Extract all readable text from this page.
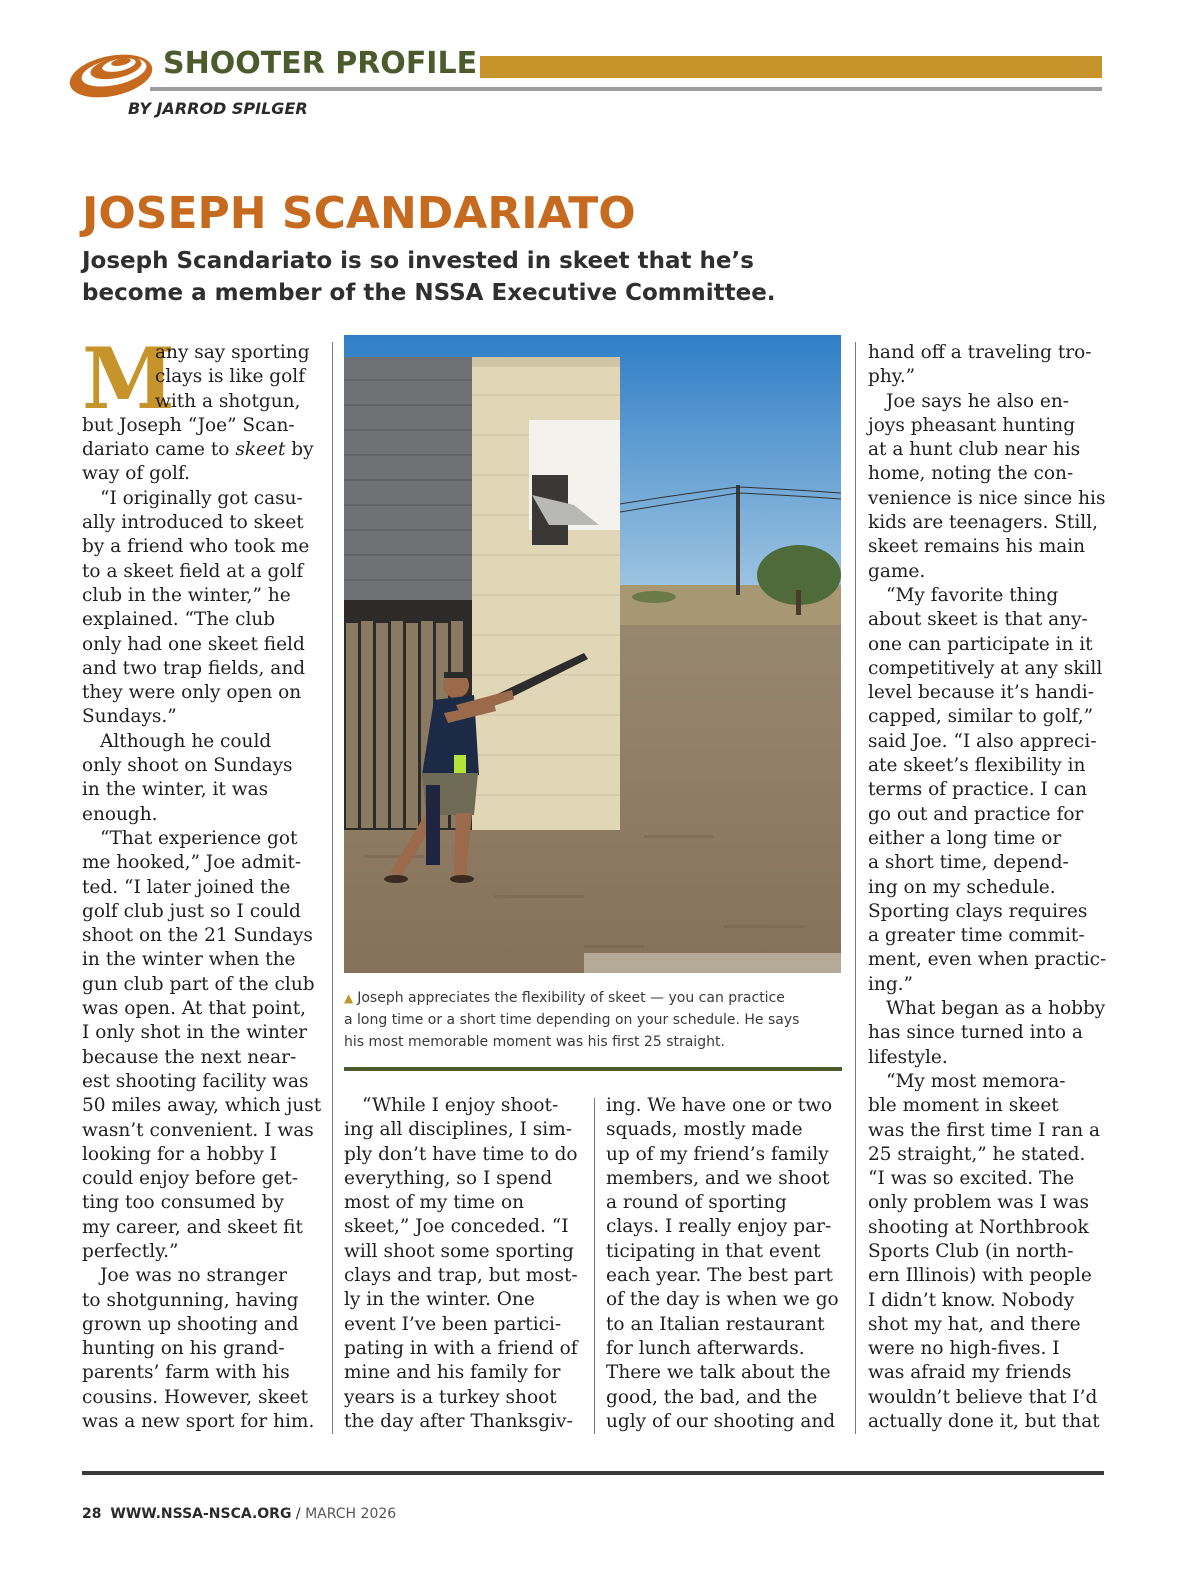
SHOOTER PROFILE
BY JARROD SPILGER
JOSEPH SCANDARIATO
Joseph Scandariato is so invested in skeet that he’s become a member of the NSSA Executive Committee.
M
any say sporting
clays is like golf
with a shotgun,
but Joseph “Joe” Scan-
dariato came to skeet by
way of golf.
“I originally got casu-
ally introduced to skeet
by a friend who took me
to a skeet field at a golf
club in the winter,” he
explained. “The club
only had one skeet field
and two trap fields, and
they were only open on
Sundays.”
Although he could
only shoot on Sundays
in the winter, it was
enough.
“That experience got
me hooked,” Joe admit-
ted. “I later joined the
golf club just so I could
shoot on the 21 Sundays
in the winter when the
gun club part of the club
was open. At that point,
I only shot in the winter
because the next near-
est shooting facility was
50 miles away, which just
wasn’t convenient. I was
looking for a hobby I
could enjoy before get-
ting too consumed by
my career, and skeet fit
perfectly.”
Joe was no stranger
to shotgunning, having
grown up shooting and
hunting on his grand-
parents’ farm with his
cousins. However, skeet
was a new sport for him.
▲ Joseph appreciates the flexibility of skeet — you can practice
a long time or a short time depending on your schedule. He says
his most memorable moment was his first 25 straight.
“While I enjoy shoot-
ing all disciplines, I sim-
ply don’t have time to do
everything, so I spend
most of my time on
skeet,” Joe conceded. “I
will shoot some sporting
clays and trap, but most-
ly in the winter. One
event I’ve been partici-
pating in with a friend of
mine and his family for
years is a turkey shoot
the day after Thanksgiv-
ing. We have one or two
squads, mostly made
up of my friend’s family
members, and we shoot
a round of sporting
clays. I really enjoy par-
ticipating in that event
each year. The best part
of the day is when we go
to an Italian restaurant
for lunch afterwards.
There we talk about the
good, the bad, and the
ugly of our shooting and
hand off a traveling tro-
phy.”
Joe says he also en-
joys pheasant hunting
at a hunt club near his
home, noting the con-
venience is nice since his
kids are teenagers. Still,
skeet remains his main
game.
“My favorite thing
about skeet is that any-
one can participate in it
competitively at any skill
level because it’s handi-
capped, similar to golf,”
said Joe. “I also appreci-
ate skeet’s flexibility in
terms of practice. I can
go out and practice for
either a long time or
a short time, depend-
ing on my schedule.
Sporting clays requires
a greater time commit-
ment, even when practic-
ing.”
What began as a hobby
has since turned into a
lifestyle.
“My most memora-
ble moment in skeet
was the first time I ran a
25 straight,” he stated.
“I was so excited. The
only problem was I was
shooting at Northbrook
Sports Club (in north-
ern Illinois) with people
I didn’t know. Nobody
shot my hat, and there
were no high-fives. I
was afraid my friends
wouldn’t believe that I’d
actually done it, but that
28 WWW.NSSA-NSCA.ORG / MARCH 2026
